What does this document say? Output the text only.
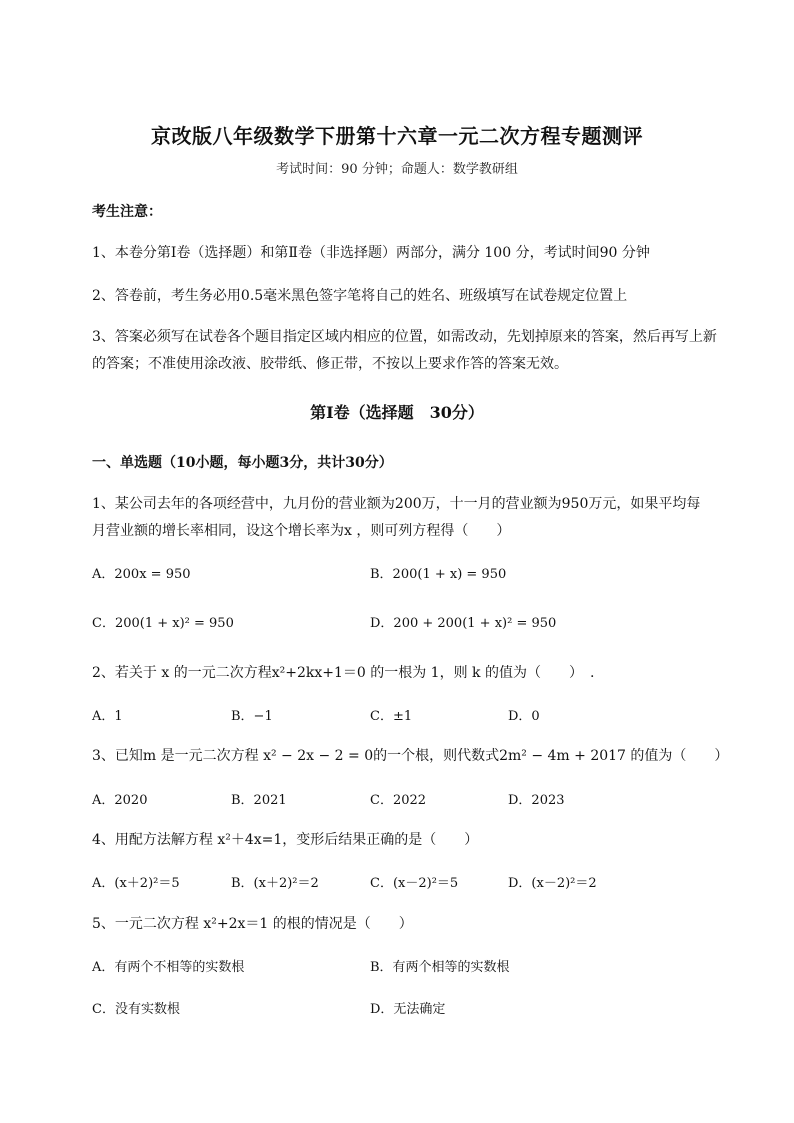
京改版八年级数学下册第十六章一元二次方程专题测评
考试时间：90 分钟；命题人：数学教研组
考生注意：
1、本卷分第Ⅰ卷（选择题）和第Ⅱ卷（非选择题）两部分，满分 100 分，考试时间90 分钟
2、答卷前，考生务必用0.5毫米黑色签字笔将自己的姓名、班级填写在试卷规定位置上
3、答案必须写在试卷各个题目指定区域内相应的位置，如需改动，先划掉原来的答案，然后再写上新
的答案；不准使用涂改液、胶带纸、修正带，不按以上要求作答的答案无效。
第Ⅰ卷（选择题　30分）
一、单选题（10小题，每小题3分，共计30分）
1、某公司去年的各项经营中，九月份的营业额为200万，十一月的营业额为950万元，如果平均每
月营业额的增长率相同，设这个增长率为x ，则可列方程得（　　）
A．200x = 950	B．200(1 + x) = 950
C．200(1 + x)² = 950	D．200 + 200(1 + x)² = 950
2、若关于 x 的一元二次方程x²+2kx+1＝0 的一根为 1，则 k 的值为（　　）　.
A．1	B．−1	C．±1	D．0
3、已知m 是一元二次方程 x² − 2x − 2 = 0的一个根，则代数式2m² − 4m + 2017 的值为（　　）
A．2020	B．2021	C．2022	D．2023
4、用配方法解方程 x²＋4x=1，变形后结果正确的是（　　）
A．(x＋2)²＝5	B．(x＋2)²＝2	C．(x－2)²＝5	D．(x－2)²＝2
5、一元二次方程 x²+2x＝1 的根的情况是（　　）
A．有两个不相等的实数根	B．有两个相等的实数根
C．没有实数根	D．无法确定
